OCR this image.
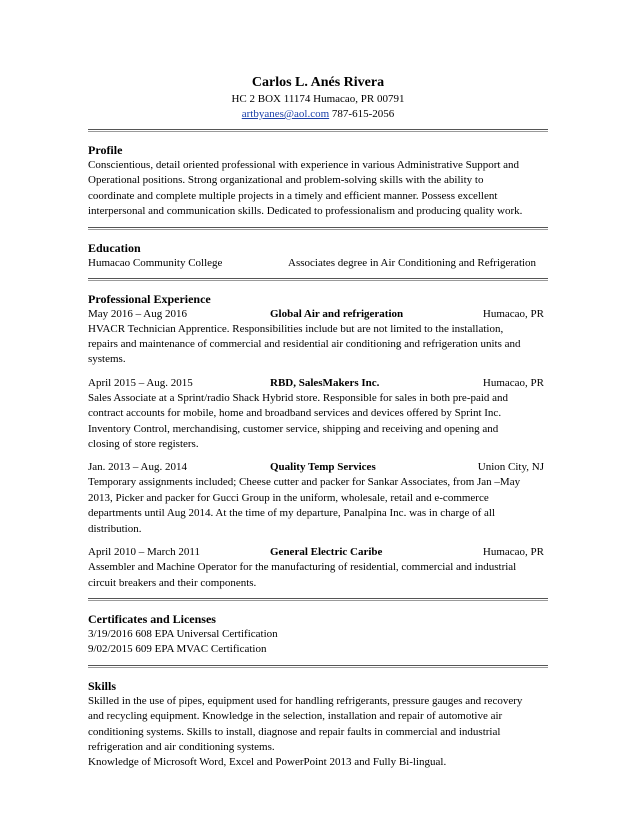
Carlos L. Anés Rivera
HC 2 BOX 11174 Humacao, PR 00791
artbyanes@aol.com 787-615-2056
Profile
Conscientious, detail oriented professional with experience in various Administrative Support and
Operational positions. Strong organizational and problem-solving skills with the ability to
coordinate and complete multiple projects in a timely and efficient manner. Possess excellent
interpersonal and communication skills. Dedicated to professionalism and producing quality work.
Education
Humacao Community College	Associates degree in Air Conditioning and Refrigeration
Professional Experience
May 2016 – Aug 2016	Global Air and refrigeration	Humacao, PR
HVACR Technician Apprentice. Responsibilities include but are not limited to the installation,
repairs and maintenance of commercial and residential air conditioning and refrigeration units and
systems.
April 2015 – Aug. 2015	RBD, SalesMakers Inc.	Humacao, PR
Sales Associate at a Sprint/radio Shack Hybrid store. Responsible for sales in both pre-paid and
contract accounts for mobile, home and broadband services and devices offered by Sprint Inc.
Inventory Control, merchandising, customer service, shipping and receiving and opening and
closing of store registers.
Jan. 2013 – Aug. 2014	Quality Temp Services	Union City, NJ
Temporary assignments included; Cheese cutter and packer for Sankar Associates, from Jan –May
2013, Picker and packer for Gucci Group in the uniform, wholesale, retail and e-commerce
departments until Aug 2014. At the time of my departure, Panalpina Inc. was in charge of all
distribution.
April 2010 – March 2011	General Electric Caribe	Humacao, PR
Assembler and Machine Operator for the manufacturing of residential, commercial and industrial
circuit breakers and their components.
Certificates and Licenses
3/19/2016 608 EPA Universal Certification
9/02/2015 609 EPA MVAC Certification
Skills
Skilled in the use of pipes, equipment used for handling refrigerants, pressure gauges and recovery
and recycling equipment. Knowledge in the selection, installation and repair of automotive air
conditioning systems. Skills to install, diagnose and repair faults in commercial and industrial
refrigeration and air conditioning systems.
Knowledge of Microsoft Word, Excel and PowerPoint 2013 and Fully Bi-lingual.
